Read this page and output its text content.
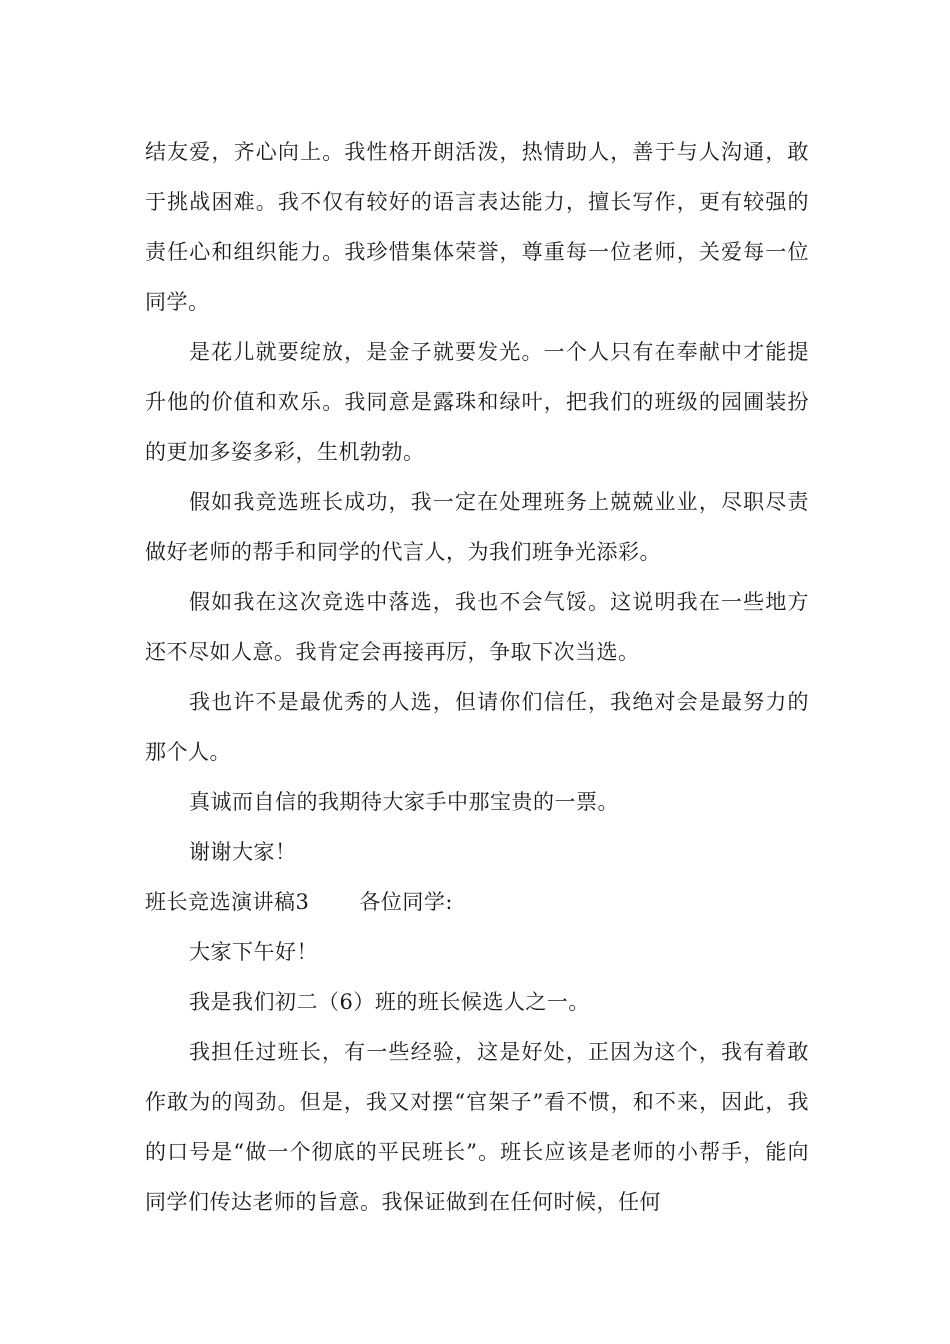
结友爱，齐心向上。我性格开朗活泼，热情助人，善于与人沟通，敢于挑战困难。我不仅有较好的语言表达能力，擅长写作，更有较强的责任心和组织能力。我珍惜集体荣誉，尊重每一位老师，关爱每一位同学。

是花儿就要绽放，是金子就要发光。一个人只有在奉献中才能提升他的价值和欢乐。我同意是露珠和绿叶，把我们的班级的园圃装扮的更加多姿多彩，生机勃勃。

假如我竞选班长成功，我一定在处理班务上兢兢业业，尽职尽责做好老师的帮手和同学的代言人，为我们班争光添彩。

假如我在这次竞选中落选，我也不会气馁。这说明我在一些地方还不尽如人意。我肯定会再接再厉，争取下次当选。

我也许不是最优秀的人选，但请你们信任，我绝对会是最努力的那个人。

真诚而自信的我期待大家手中那宝贵的一票。

谢谢大家！

班长竞选演讲稿3 各位同学:

大家下午好！

我是我们初二（6）班的班长候选人之一。

我担任过班长，有一些经验，这是好处，正因为这个，我有着敢作敢为的闯劲。但是，我又对摆“官架子”看不惯，和不来，因此，我的口号是“做一个彻底的平民班长”。班长应该是老师的小帮手，能向同学们传达老师的旨意。我保证做到在任何时候，任何
